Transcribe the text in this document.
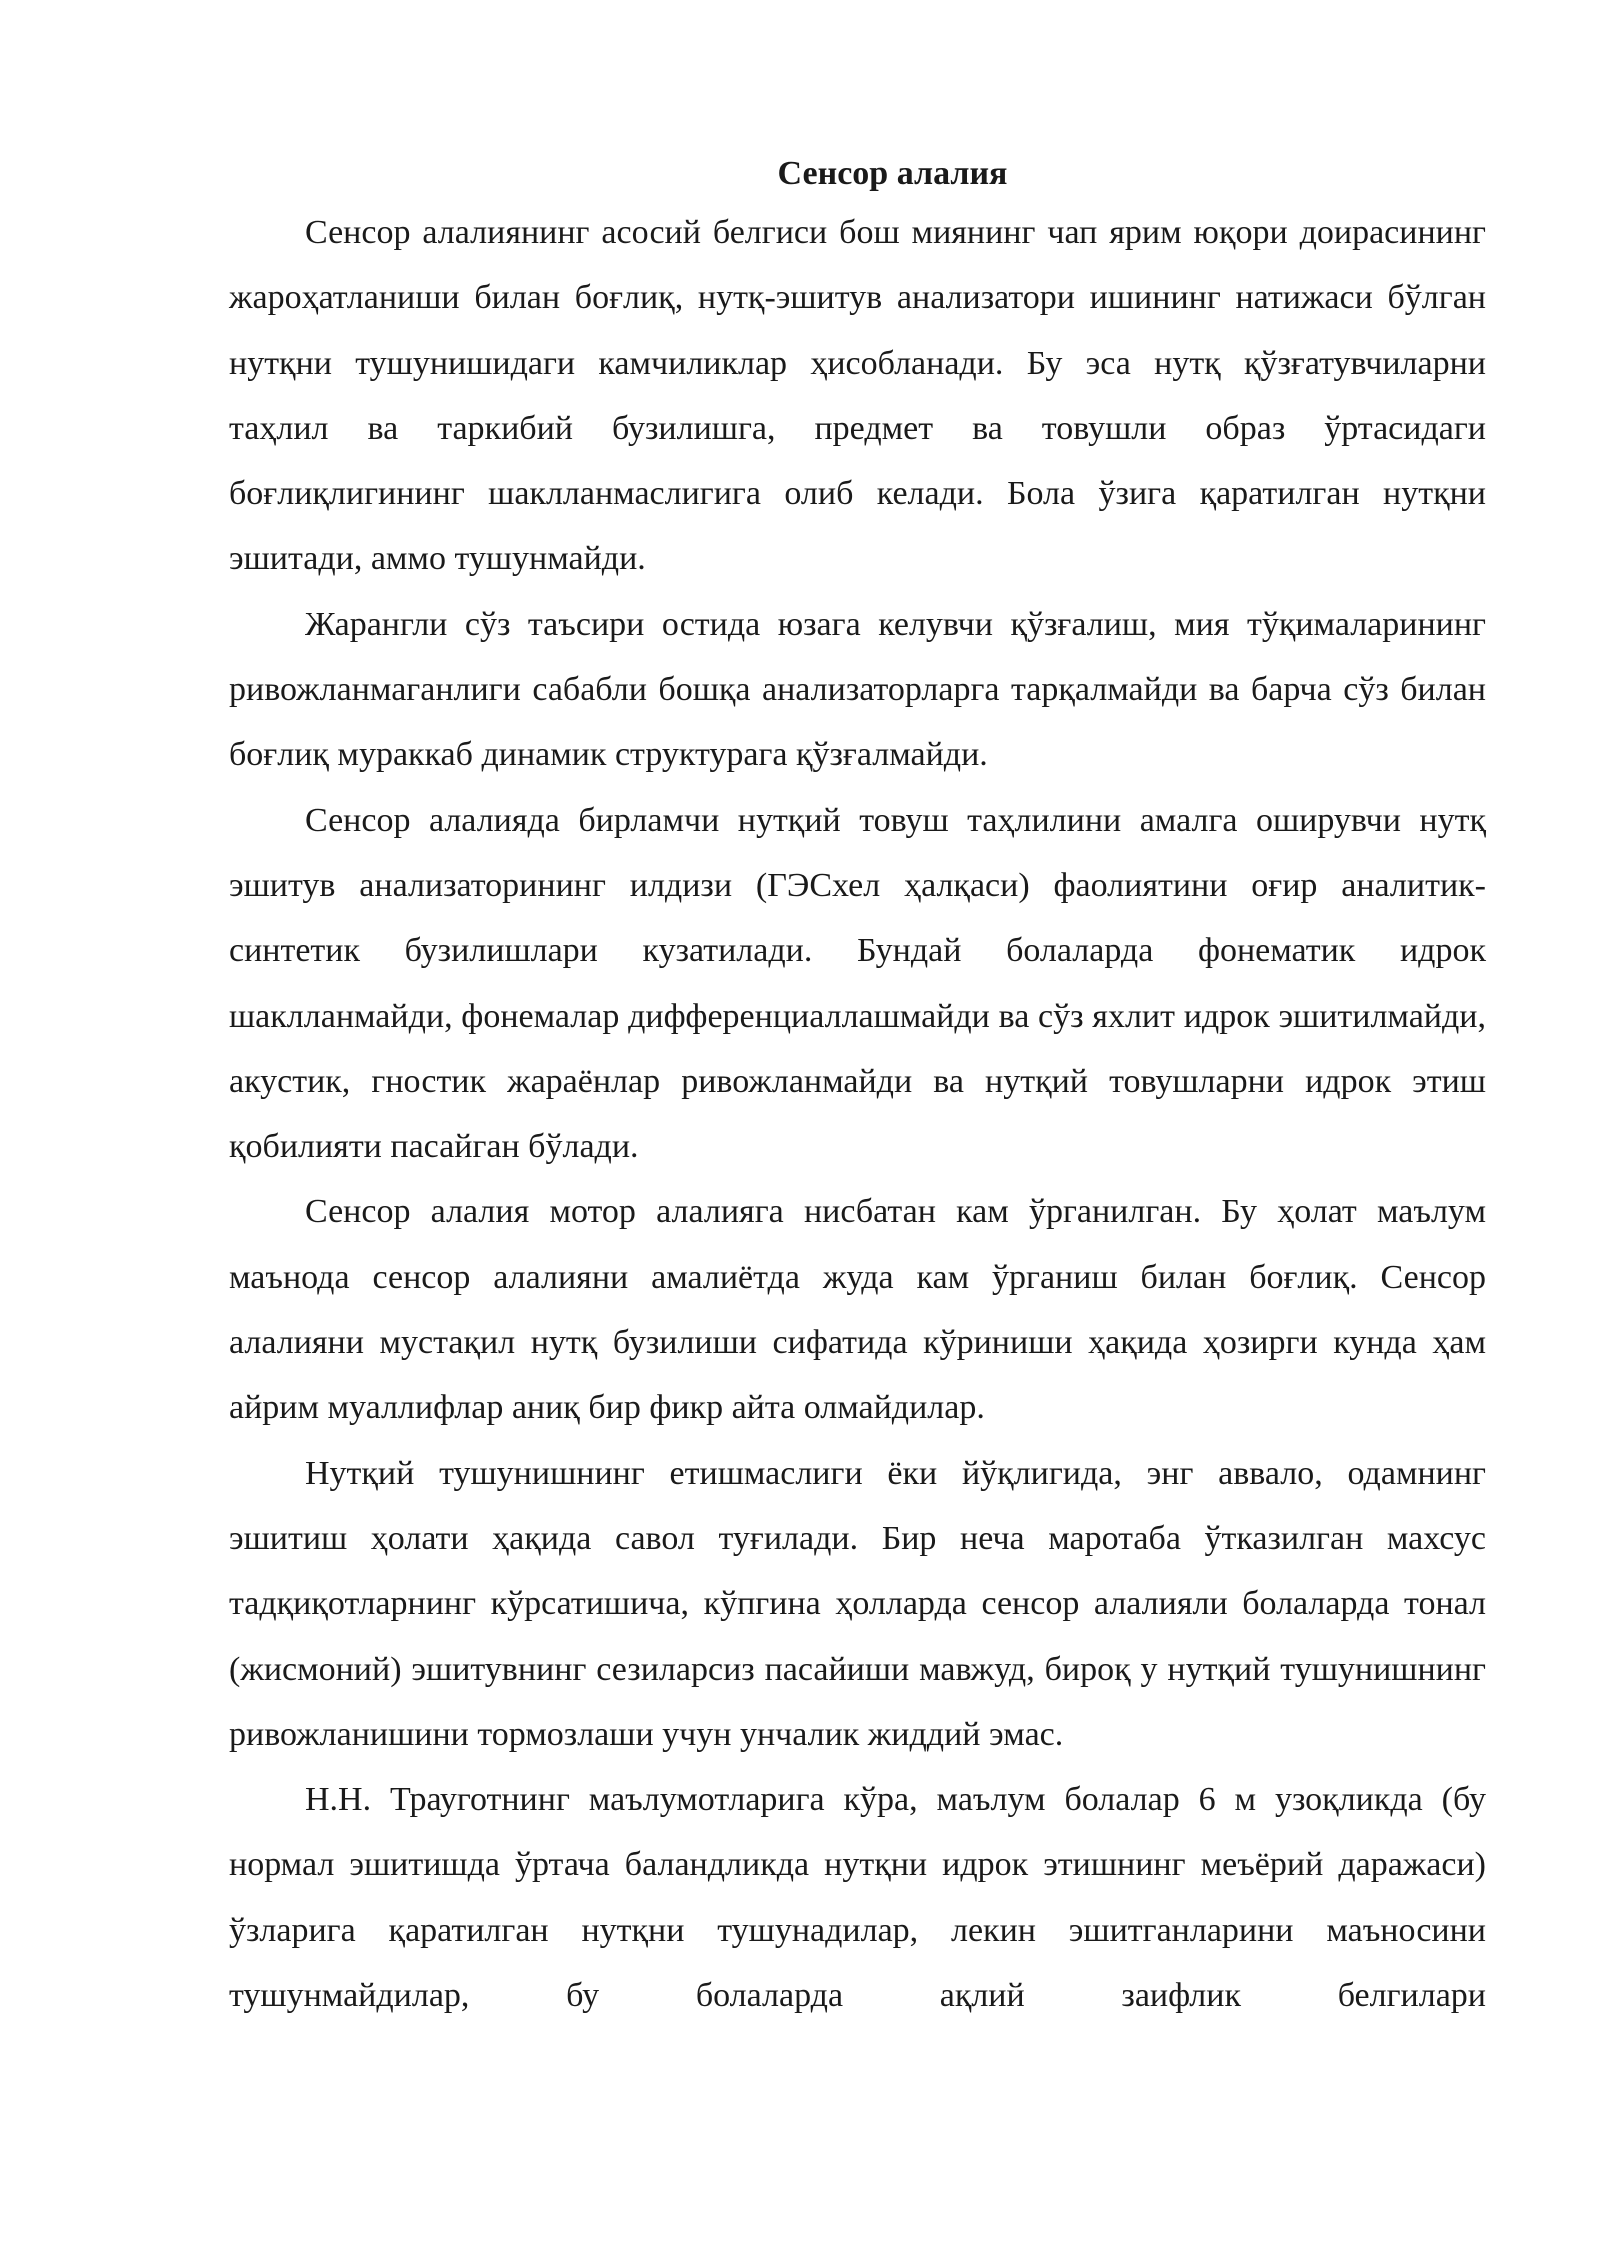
Сенсор алалия

Сенсор алалиянинг асосий белгиси бош миянинг чап ярим юқори доирасининг жароҳатланиши билан боғлиқ, нутқ-эшитув анализатори ишининг натижаси бўлган нутқни тушунишидаги камчиликлар ҳисобланади. Бу эса нутқ қўзғатувчиларни таҳлил ва таркибий бузилишга, предмет ва товушли образ ўртасидаги боғлиқлигининг шаклланмаслигига олиб келади. Бола ўзига қаратилган нутқни эшитади, аммо тушунмайди.

Жарангли сўз таъсири остида юзага келувчи қўзғалиш, мия тўқималарининг ривожланмаганлиги сабабли бошқа анализаторларга тарқалмайди ва барча сўз билан боғлиқ мураккаб динамик структурага қўзғалмайди.

Сенсор алалияда бирламчи нутқий товуш таҳлилини амалга оширувчи нутқ эшитув анализаторининг илдизи (ГЭСхел ҳалқаси) фаолиятини оғир аналитик-синтетик бузилишлари кузатилади. Бундай болаларда фонематик идрок шаклланмайди, фонемалар дифференциаллашмайди ва сўз яхлит идрок эшитилмайди, акустик, гностик жараёнлар ривожланмайди ва нутқий товушларни идрок этиш қобилияти пасайган бўлади.

Сенсор алалия мотор алалияга нисбатан кам ўрганилган. Бу ҳолат маълум маънода сенсор алалияни амалиётда жуда кам ўрганиш билан боғлиқ. Сенсор алалияни мустақил нутқ бузилиши сифатида кўриниши ҳақида ҳозирги кунда ҳам айрим муаллифлар аниқ бир фикр айта олмайдилар.

Нутқий тушунишнинг етишмаслиги ёки йўқлигида, энг аввало, одамнинг эшитиш ҳолати ҳақида савол туғилади. Бир неча маротаба ўтказилган махсус тадқиқотларнинг кўрсатишича, кўпгина ҳолларда сенсор алалияли болаларда тонал (жисмоний) эшитувнинг сезиларсиз пасайиши мавжуд, бироқ у нутқий тушунишнинг ривожланишини тормозлаши учун унчалик жиддий эмас.

Н.Н. Трауготнинг маълумотларига кўра, маълум болалар 6 м узоқликда (бу нормал эшитишда ўртача баландликда нутқни идрок этишнинг меъёрий даражаси) ўзларига қаратилган нутқни тушунадилар, лекин эшитганларини маъносини тушунмайдилар, бу болаларда ақлий заифлик белгилари
